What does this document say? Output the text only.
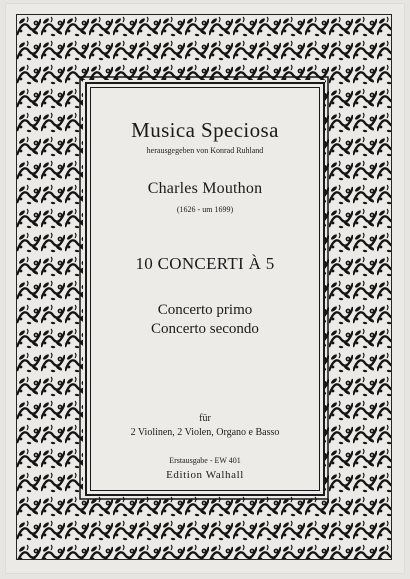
Musica Speciosa
herausgegeben von Konrad Ruhland
Charles Mouthon
(1626 - um 1699)
10 CONCERTI À 5
Concerto primo
Concerto secondo
für
2 Violinen, 2 Violen, Organo e Basso
Erstausgabe - EW 401
Edition Walhall
